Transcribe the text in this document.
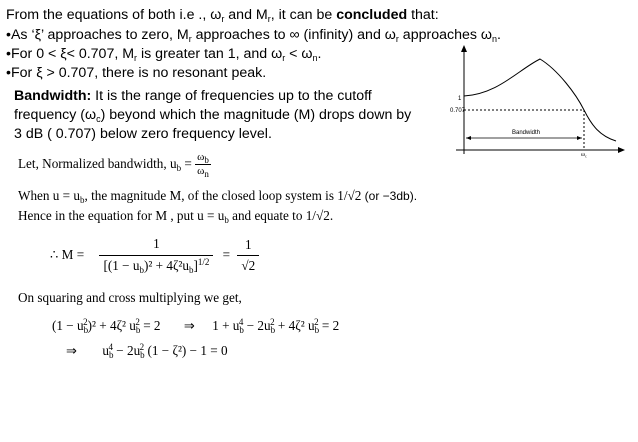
From the equations of both i.e ., $\omega_r$ and $M_r$, it can be concluded that:
•As ‘ξ’ approaches to zero, $M_r$ approaches to ∞ (infinity) and $\omega_r$ approaches $\omega_n$.
•For 0 < ξ< 0.707, $M_r$ is greater tan 1, and $\omega_r < \omega_n$.
•For ξ > 0.707, there is no resonant peak.
Bandwidth: It is the range of frequencies up to the cutoff
frequency $(\omega_c)$ beyond which the magnitude (M) drops down by
3 dB ( 0.707) below zero frequency level.
1
0.707
Bandwidth
$\omega_c$
Let, Normalized bandwidth, $u_b = \frac{\omega_b}{\omega_n}$
When $u = u_b$, the magnitude M, of the closed loop system is 1/√2 (or −3db).
Hence in the equation for M , put $u = u_b$ and equate to 1/√2.
∴ $M = \frac{1}{[(1 - u_b)^2 + 4\zeta^2u_b]^{1/2}} = \frac{1}{√2}$
On squaring and cross multiplying we get,
$(1 - u_b^2)^2 + 4\zeta^2$ $u_b^2 = 2$ ⇒ $1 + u_b^4 - 2u_b^2 + 4\zeta^2$ $u_b^2 = 2$
⇒ $u_b^4 - 2u_b^2$ (1 − ζ²) − 1 = 0
